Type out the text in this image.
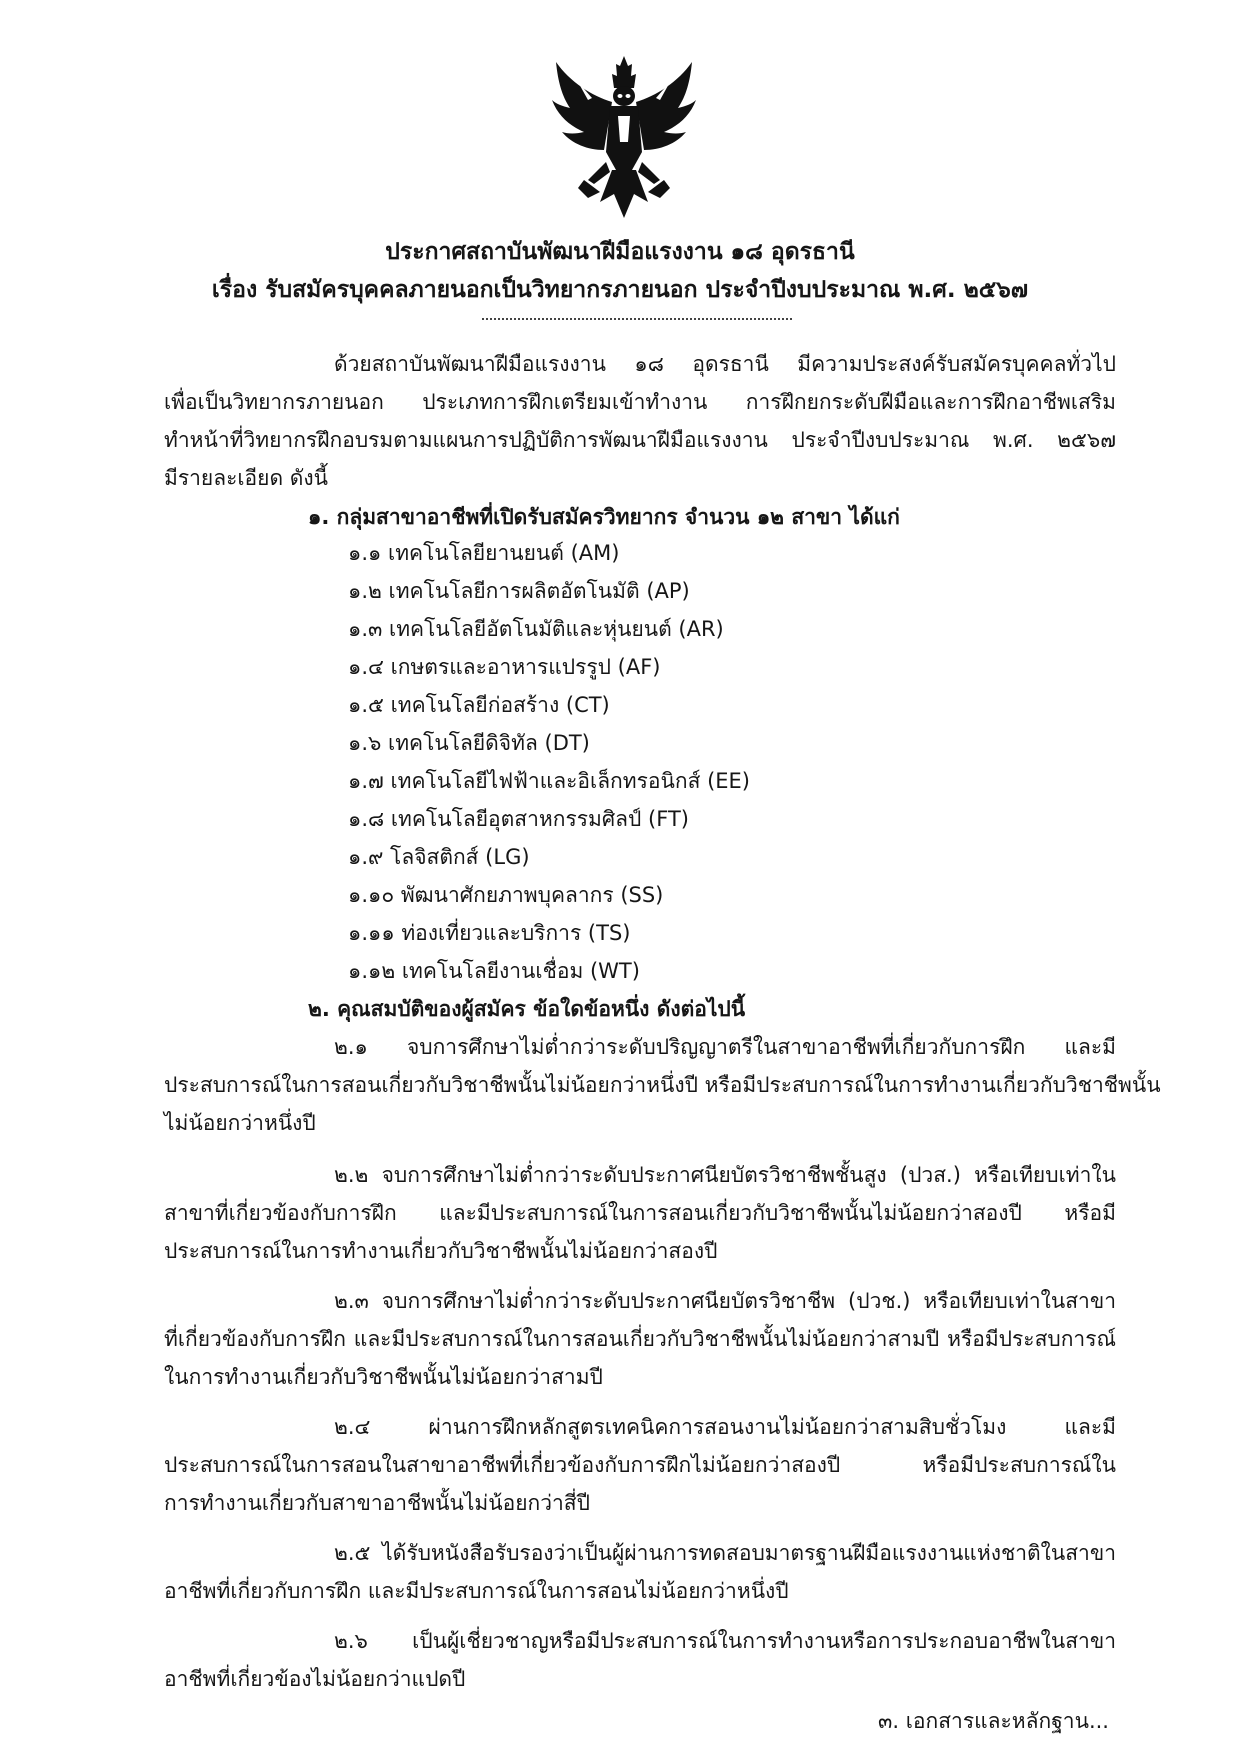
ประกาศสถาบันพัฒนาฝีมือแรงงาน ๑๘ อุดรธานี
เรื่อง รับสมัครบุคคลภายนอกเป็นวิทยากรภายนอก ประจำปีงบประมาณ พ.ศ. ๒๕๖๗
ด้วยสถาบันพัฒนาฝีมือแรงงาน ๑๘ อุดรธานี มีความประสงค์รับสมัครบุคคลทั่วไป
เพื่อเป็นวิทยากรภายนอก ประเภทการฝึกเตรียมเข้าทำงาน การฝึกยกระดับฝีมือและการฝึกอาชีพเสริม
ทำหน้าที่วิทยากรฝึกอบรมตามแผนการปฏิบัติการพัฒนาฝีมือแรงงาน ประจำปีงบประมาณ พ.ศ. ๒๕๖๗
มีรายละเอียด ดังนี้
๑. กลุ่มสาขาอาชีพที่เปิดรับสมัครวิทยากร จำนวน ๑๒ สาขา ได้แก่
๑.๑ เทคโนโลยียานยนต์ (AM)
๑.๒ เทคโนโลยีการผลิตอัตโนมัติ (AP)
๑.๓ เทคโนโลยีอัตโนมัติและหุ่นยนต์ (AR)
๑.๔ เกษตรและอาหารแปรรูป (AF)
๑.๕ เทคโนโลยีก่อสร้าง (CT)
๑.๖ เทคโนโลยีดิจิทัล (DT)
๑.๗ เทคโนโลยีไฟฟ้าและอิเล็กทรอนิกส์ (EE)
๑.๘ เทคโนโลยีอุตสาหกรรมศิลป์ (FT)
๑.๙ โลจิสติกส์ (LG)
๑.๑๐ พัฒนาศักยภาพบุคลากร (SS)
๑.๑๑ ท่องเที่ยวและบริการ (TS)
๑.๑๒ เทคโนโลยีงานเชื่อม (WT)
๒. คุณสมบัติของผู้สมัคร ข้อใดข้อหนึ่ง ดังต่อไปนี้
๒.๑ จบการศึกษาไม่ต่ำกว่าระดับปริญญาตรีในสาขาอาชีพที่เกี่ยวกับการฝึก และมี
ประสบการณ์ในการสอนเกี่ยวกับวิชาชีพนั้นไม่น้อยกว่าหนึ่งปี หรือมีประสบการณ์ในการทำงานเกี่ยวกับวิชาชีพนั้น
ไม่น้อยกว่าหนึ่งปี
๒.๒ จบการศึกษาไม่ต่ำกว่าระดับประกาศนียบัตรวิชาชีพชั้นสูง (ปวส.) หรือเทียบเท่าใน
สาขาที่เกี่ยวข้องกับการฝึก และมีประสบการณ์ในการสอนเกี่ยวกับวิชาชีพนั้นไม่น้อยกว่าสองปี หรือมี
ประสบการณ์ในการทำงานเกี่ยวกับวิชาชีพนั้นไม่น้อยกว่าสองปี
๒.๓ จบการศึกษาไม่ต่ำกว่าระดับประกาศนียบัตรวิชาชีพ (ปวช.) หรือเทียบเท่าในสาขา
ที่เกี่ยวข้องกับการฝึก และมีประสบการณ์ในการสอนเกี่ยวกับวิชาชีพนั้นไม่น้อยกว่าสามปี หรือมีประสบการณ์
ในการทำงานเกี่ยวกับวิชาชีพนั้นไม่น้อยกว่าสามปี
๒.๔ ผ่านการฝึกหลักสูตรเทคนิคการสอนงานไม่น้อยกว่าสามสิบชั่วโมง และมี
ประสบการณ์ในการสอนในสาขาอาชีพที่เกี่ยวข้องกับการฝึกไม่น้อยกว่าสองปี หรือมีประสบการณ์ใน
การทำงานเกี่ยวกับสาขาอาชีพนั้นไม่น้อยกว่าสี่ปี
๒.๕ ได้รับหนังสือรับรองว่าเป็นผู้ผ่านการทดสอบมาตรฐานฝีมือแรงงานแห่งชาติในสาขา
อาชีพที่เกี่ยวกับการฝึก และมีประสบการณ์ในการสอนไม่น้อยกว่าหนึ่งปี
๒.๖ เป็นผู้เชี่ยวชาญหรือมีประสบการณ์ในการทำงานหรือการประกอบอาชีพในสาขา
อาชีพที่เกี่ยวข้องไม่น้อยกว่าแปดปี
๓. เอกสารและหลักฐาน...
